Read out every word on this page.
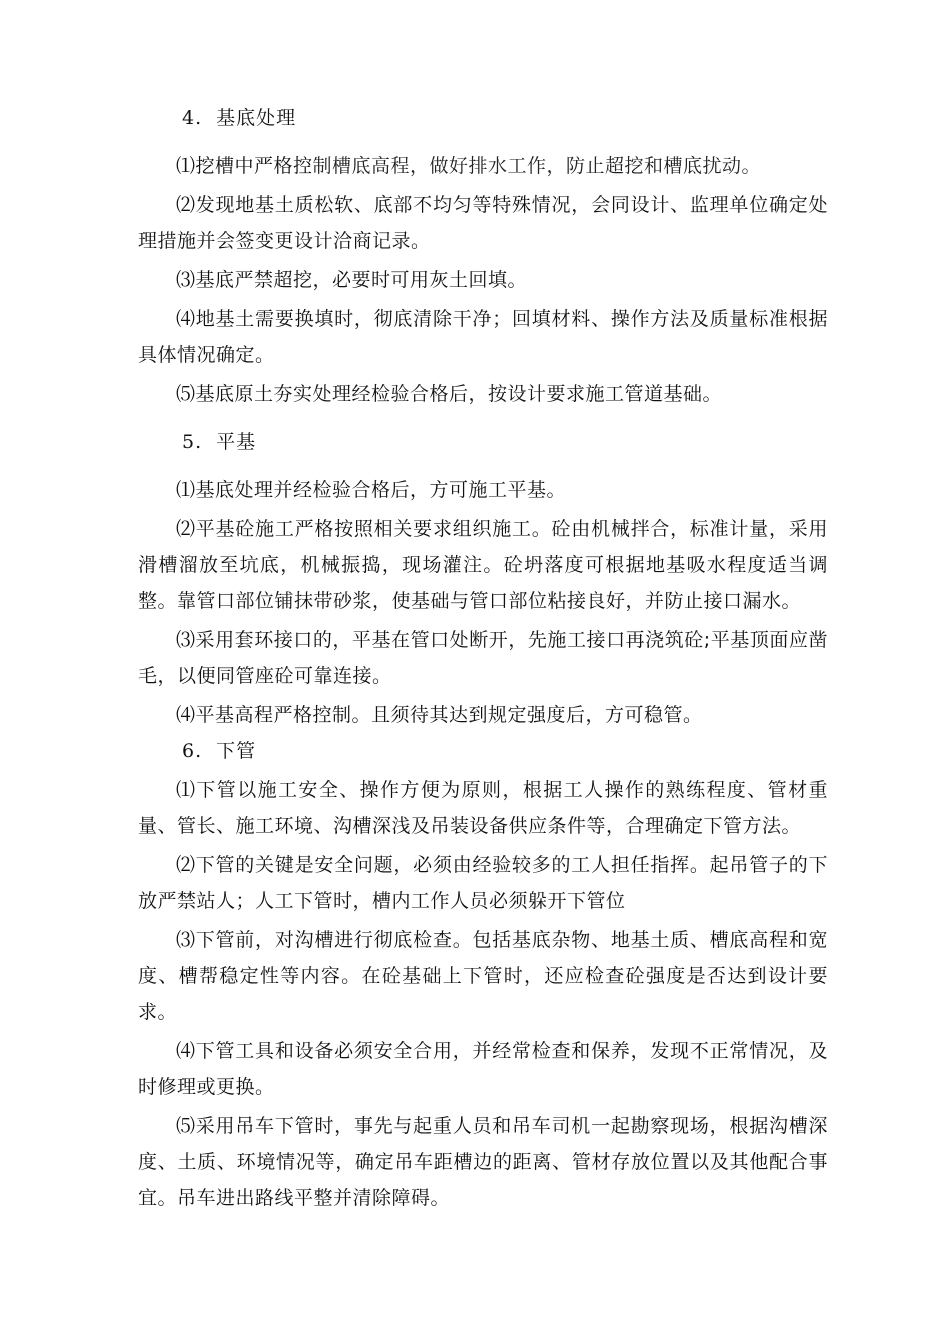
4. 基底处理

⑴挖槽中严格控制槽底高程，做好排水工作，防止超挖和槽底扰动。

⑵发现地基土质松软、底部不均匀等特殊情况，会同设计、监理单位确定处理措施并会签变更设计洽商记录。

⑶基底严禁超挖，必要时可用灰土回填。

⑷地基土需要换填时，彻底清除干净；回填材料、操作方法及质量标准根据具体情况确定。

⑸基底原土夯实处理经检验合格后，按设计要求施工管道基础。

5. 平基

⑴基底处理并经检验合格后，方可施工平基。

⑵平基砼施工严格按照相关要求组织施工。砼由机械拌合，标准计量，采用滑槽溜放至坑底，机械振捣，现场灌注。砼坍落度可根据地基吸水程度适当调整。靠管口部位铺抹带砂浆，使基础与管口部位粘接良好，并防止接口漏水。

⑶采用套环接口的，平基在管口处断开，先施工接口再浇筑砼;平基顶面应凿毛，以便同管座砼可靠连接。

⑷平基高程严格控制。且须待其达到规定强度后，方可稳管。

6. 下管

⑴下管以施工安全、操作方便为原则，根据工人操作的熟练程度、管材重量、管长、施工环境、沟槽深浅及吊装设备供应条件等，合理确定下管方法。

⑵下管的关键是安全问题，必须由经验较多的工人担任指挥。起吊管子的下放严禁站人；人工下管时，槽内工作人员必须躲开下管位

⑶下管前，对沟槽进行彻底检查。包括基底杂物、地基土质、槽底高程和宽度、槽帮稳定性等内容。在砼基础上下管时，还应检查砼强度是否达到设计要求。

⑷下管工具和设备必须安全合用，并经常检查和保养，发现不正常情况，及时修理或更换。

⑸采用吊车下管时，事先与起重人员和吊车司机一起勘察现场，根据沟槽深度、土质、环境情况等，确定吊车距槽边的距离、管材存放位置以及其他配合事宜。吊车进出路线平整并清除障碍。
